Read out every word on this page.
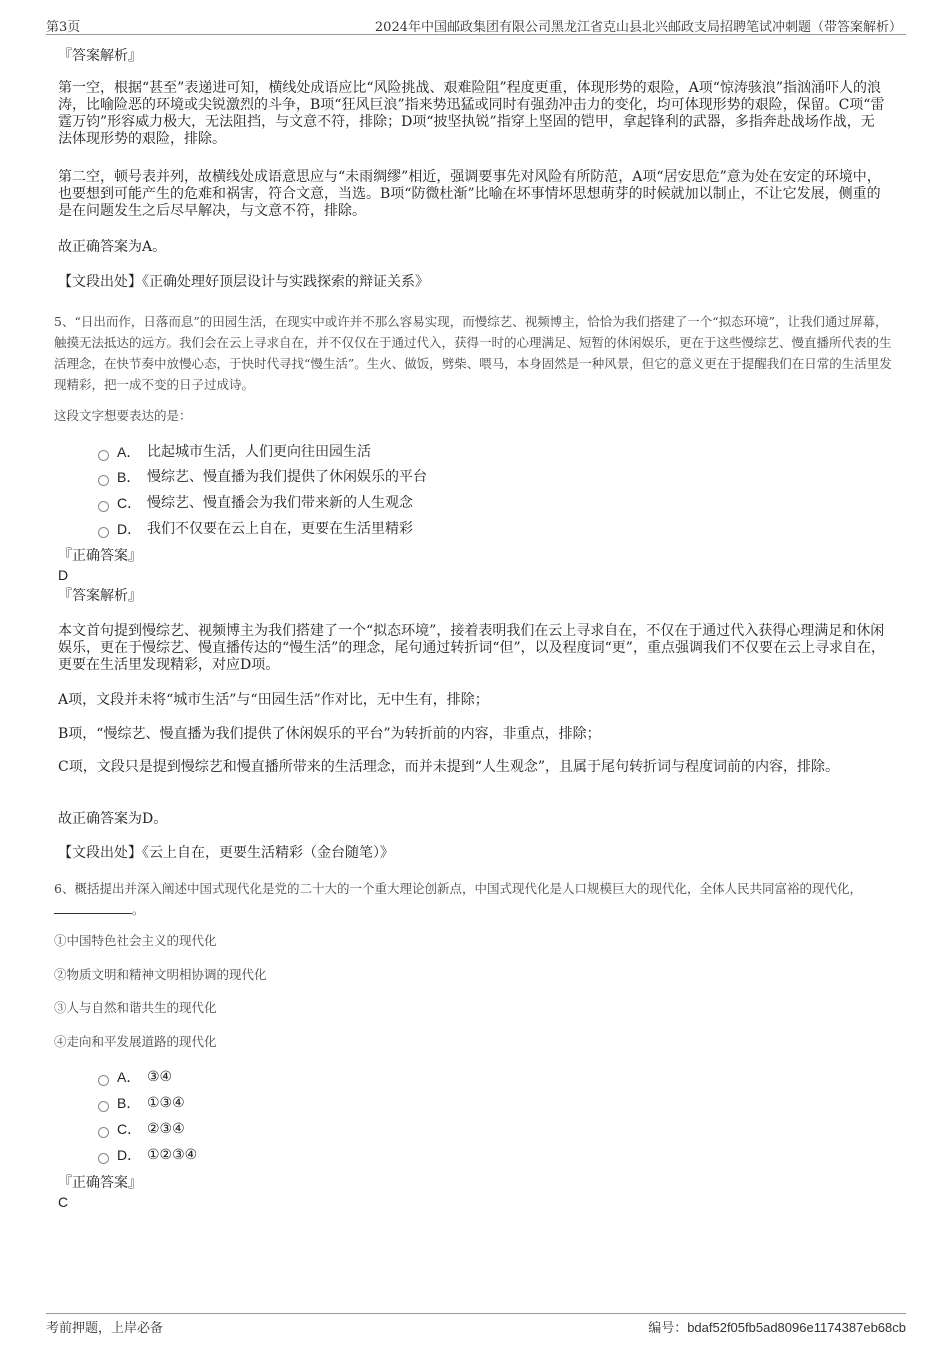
第3页	2024年中国邮政集团有限公司黑龙江省克山县北兴邮政支局招聘笔试冲刺题（带答案解析）
『答案解析』
第一空，根据“甚至”表递进可知，横线处成语应比“风险挑战、艰难险阻”程度更重，体现形势的艰险，A项“惊涛骇浪”指汹涌吓人的浪涛，比喻险恶的环境或尖锐激烈的斗争，B项“狂风巨浪”指来势迅猛或同时有强劲冲击力的变化，均可体现形势的艰险，保留。C项“雷霆万钧”形容威力极大，无法阻挡，与文意不符，排除；D项“披坚执锐”指穿上坚固的铠甲，拿起锋利的武器，多指奔赴战场作战，无法体现形势的艰险，排除。
第二空，顿号表并列，故横线处成语意思应与“未雨绸缪”相近，强调要事先对风险有所防范，A项“居安思危”意为处在安定的环境中，也要想到可能产生的危难和祸害，符合文意，当选。B项“防微杜渐”比喻在坏事情坏思想萌芽的时候就加以制止，不让它发展，侧重的是在问题发生之后尽早解决，与文意不符，排除。
故正确答案为A。
【文段出处】《正确处理好顶层设计与实践探索的辩证关系》
5、“日出而作，日落而息”的田园生活，在现实中或许并不那么容易实现，而慢综艺、视频博主，恰恰为我们搭建了一个“拟态环境”，让我们通过屏幕，触摸无法抵达的远方。我们会在云上寻求自在，并不仅仅在于通过代入，获得一时的心理满足、短暂的休闲娱乐，更在于这些慢综艺、慢直播所代表的生活理念，在快节奏中放慢心态，于快时代寻找“慢生活”。生火、做饭，劈柴、喂马，本身固然是一种风景，但它的意义更在于提醒我们在日常的生活里发现精彩，把一成不变的日子过成诗。
这段文字想要表达的是：
A． 比起城市生活，人们更向往田园生活
B． 慢综艺、慢直播为我们提供了休闲娱乐的平台
C． 慢综艺、慢直播会为我们带来新的人生观念
D． 我们不仅要在云上自在，更要在生活里精彩
『正确答案』
D
『答案解析』
本文首句提到慢综艺、视频博主为我们搭建了一个“拟态环境”，接着表明我们在云上寻求自在，不仅在于通过代入获得心理满足和休闲娱乐，更在于慢综艺、慢直播传达的“慢生活”的理念，尾句通过转折词“但”，以及程度词“更”，重点强调我们不仅要在云上寻求自在，更要在生活里发现精彩，对应D项。
A项，文段并未将“城市生活”与“田园生活”作对比，无中生有，排除；
B项，“慢综艺、慢直播为我们提供了休闲娱乐的平台”为转折前的内容，非重点，排除；
C项，文段只是提到慢综艺和慢直播所带来的生活理念，而并未提到“人生观念”，且属于尾句转折词与程度词前的内容，排除。
故正确答案为D。
【文段出处】《云上自在，更要生活精彩（金台随笔）》
6、概括提出并深入阐述中国式现代化是党的二十大的一个重大理论创新点，中国式现代化是人口规模巨大的现代化，全体人民共同富裕的现代化，。
①中国特色社会主义的现代化
②物质文明和精神文明相协调的现代化
③人与自然和谐共生的现代化
④走向和平发展道路的现代化
A． ③④
B． ①③④
C． ②③④
D． ①②③④
『正确答案』
C
考前押题，上岸必备	编号：bdaf52f05fb5ad8096e1174387eb68cb
